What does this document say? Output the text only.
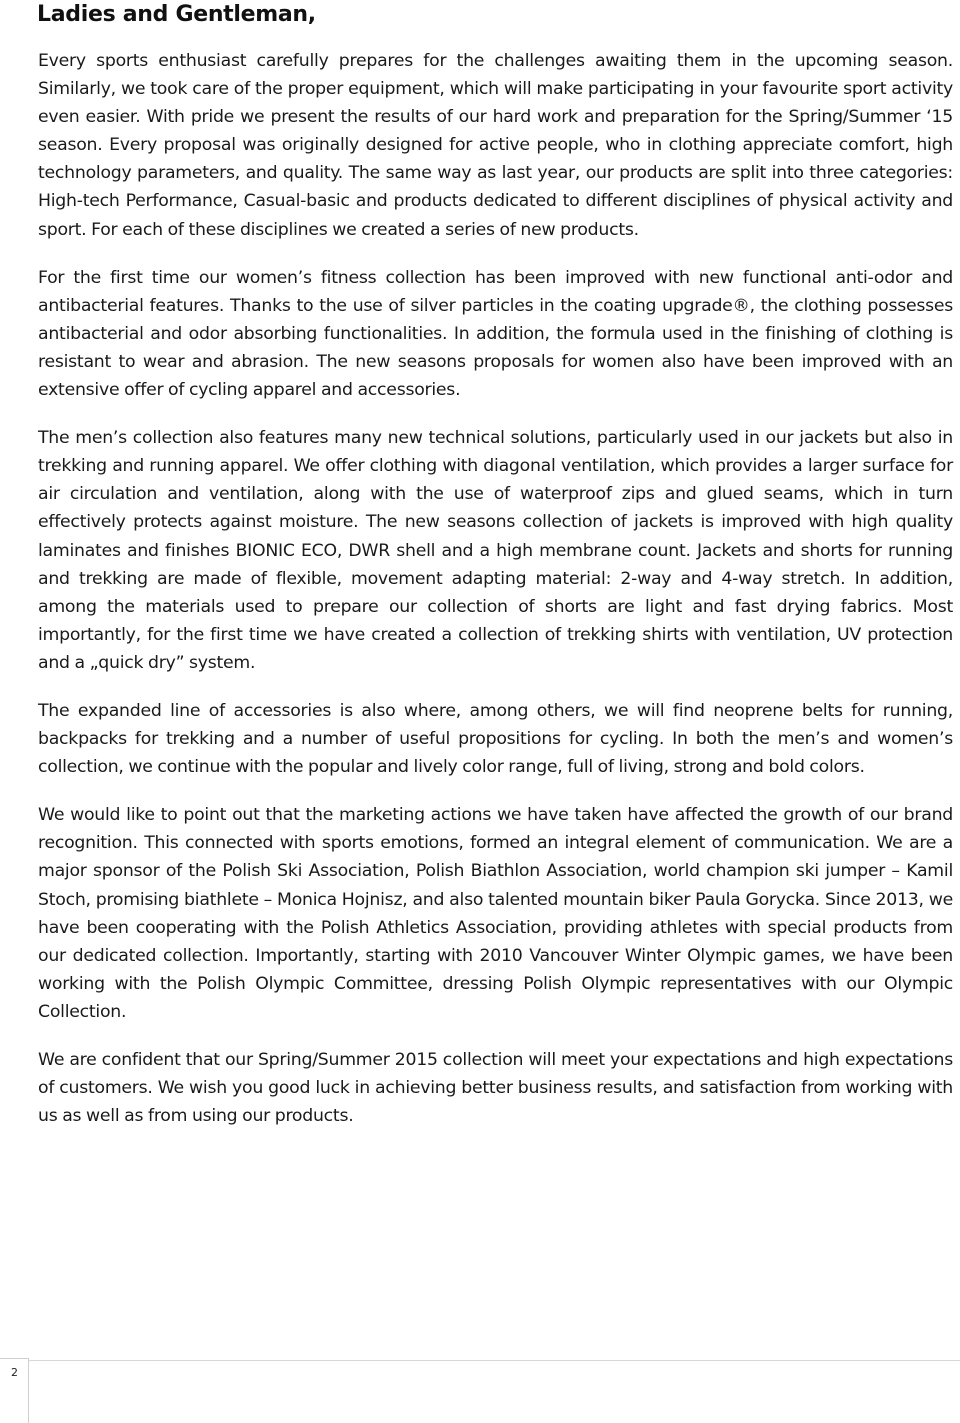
Ladies and Gentleman,

Every sports enthusiast carefully prepares for the challenges awaiting them in the upcoming season. Similarly, we took care of the proper equipment, which will make participating in your favourite sport activity even easier. With pride we present the results of our hard work and preparation for the Spring/Summer ‘15 season. Every proposal was originally designed for active people, who in clothing appreciate comfort, high technology parameters, and quality. The same way as last year, our products are split into three categories: High-tech Performance, Casual-basic and products dedicated to different disciplines of physical activity and sport. For each of these disciplines we created a series of new products.

For the first time our women’s fitness collection has been improved with new functional anti-odor and antibacterial features. Thanks to the use of silver particles in the coating upgrade®, the clothing possesses antibacterial and odor absorbing functionalities. In addition, the formula used in the finishing of clothing is resistant to wear and abrasion. The new seasons proposals for women also have been improved with an extensive offer of cycling apparel and accessories.

The men’s collection also features many new technical solutions, particularly used in our jackets but also in trekking and running apparel. We offer clothing with diagonal ventilation, which provides a larger surface for air circulation and ventilation, along with the use of waterproof zips and glued seams, which in turn effectively protects against moisture. The new seasons collection of jackets is improved with high quality laminates and finishes BIONIC ECO, DWR shell and a high membrane count. Jackets and shorts for running and trekking are made of flexible, movement adapting material: 2-way and 4-way stretch. In addition, among the materials used to prepare our collection of shorts are light and fast drying fabrics. Most importantly, for the first time we have created a collection of trekking shirts with ventilation, UV protection and a „quick dry” system.

The expanded line of accessories is also where, among others, we will find neoprene belts for running, backpacks for trekking and a number of useful propositions for cycling. In both the men’s and women’s collection, we continue with the popular and lively color range, full of living, strong and bold colors.

We would like to point out that the marketing actions we have taken have affected the growth of our brand recognition. This connected with sports emotions, formed an integral element of communication. We are a major sponsor of the Polish Ski Association, Polish Biathlon Association, world champion ski jumper – Kamil Stoch, promising biathlete – Monica Hojnisz, and also talented mountain biker Paula Gorycka. Since 2013, we have been cooperating with the Polish Athletics Association, providing athletes with special products from our dedicated collection. Importantly, starting with 2010 Vancouver Winter Olympic games, we have been working with the Polish Olympic Committee, dressing Polish Olympic representatives with our Olympic Collection.

We are confident that our Spring/Summer 2015 collection will meet your expectations and high expectations of customers. We wish you good luck in achieving better business results, and satisfaction from working with us as well as from using our products.

2
